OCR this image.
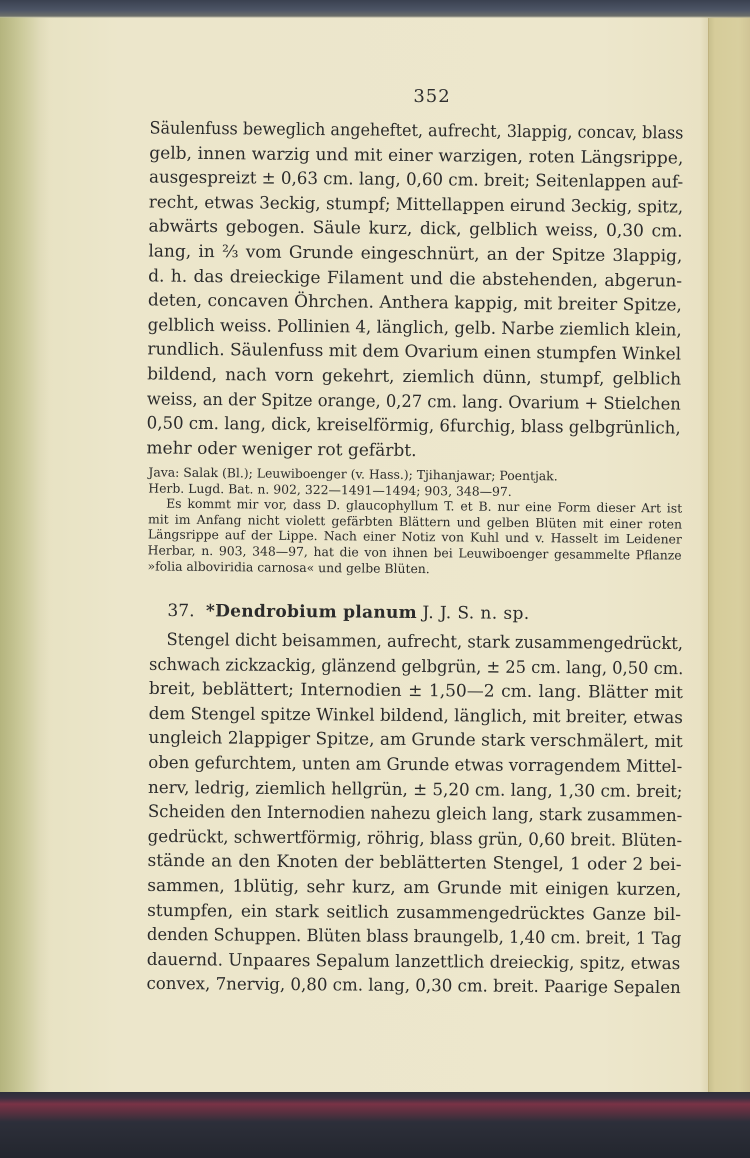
352

Säulenfuss beweglich angeheftet, aufrecht, 3lappig, concav, blass

gelb, innen warzig und mit einer warzigen, roten Längsrippe,

ausgespreizt ± 0,63 cm. lang, 0,60 cm. breit; Seitenlappen auf-

recht, etwas 3eckig, stumpf; Mittellappen eirund 3eckig, spitz,

abwärts gebogen. Säule kurz, dick, gelblich weiss, 0,30 cm.

lang, in ⅔ vom Grunde eingeschnürt, an der Spitze 3lappig,

d. h. das dreieckige Filament und die abstehenden, abgerun-

deten, concaven Öhrchen. Anthera kappig, mit breiter Spitze,

gelblich weiss. Pollinien 4, länglich, gelb. Narbe ziemlich klein,

rundlich. Säulenfuss mit dem Ovarium einen stumpfen Winkel

bildend, nach vorn gekehrt, ziemlich dünn, stumpf, gelblich

weiss, an der Spitze orange, 0,27 cm. lang. Ovarium + Stielchen

0,50 cm. lang, dick, kreiselförmig, 6furchig, blass gelbgrünlich,

mehr oder weniger rot gefärbt.

Java: Salak (Bl.); Leuwiboenger (v. Hass.); Tjihanjawar; Poentjak.

Herb. Lugd. Bat. n. 902, 322—1491—1494; 903, 348—97.

Es kommt mir vor, dass D. glaucophyllum T. et B. nur eine Form dieser Art ist

mit im Anfang nicht violett gefärbten Blättern und gelben Blüten mit einer roten

Längsrippe auf der Lippe. Nach einer Notiz von Kuhl und v. Hasselt im Leidener

Herbar, n. 903, 348—97, hat die von ihnen bei Leuwiboenger gesammelte Pflanze

»folia alboviridia carnosa« und gelbe Blüten.

37. *Dendrobium planum J. J. S. n. sp.

Stengel dicht beisammen, aufrecht, stark zusammengedrückt,

schwach zickzackig, glänzend gelbgrün, ± 25 cm. lang, 0,50 cm.

breit, beblättert; Internodien ± 1,50—2 cm. lang. Blätter mit

dem Stengel spitze Winkel bildend, länglich, mit breiter, etwas

ungleich 2lappiger Spitze, am Grunde stark verschmälert, mit

oben gefurchtem, unten am Grunde etwas vorragendem Mittel-

nerv, ledrig, ziemlich hellgrün, ± 5,20 cm. lang, 1,30 cm. breit;

Scheiden den Internodien nahezu gleich lang, stark zusammen-

gedrückt, schwertförmig, röhrig, blass grün, 0,60 breit. Blüten-

stände an den Knoten der beblätterten Stengel, 1 oder 2 bei-

sammen, 1blütig, sehr kurz, am Grunde mit einigen kurzen,

stumpfen, ein stark seitlich zusammengedrücktes Ganze bil-

denden Schuppen. Blüten blass braungelb, 1,40 cm. breit, 1 Tag

dauernd. Unpaares Sepalum lanzettlich dreieckig, spitz, etwas

convex, 7nervig, 0,80 cm. lang, 0,30 cm. breit. Paarige Sepalen
